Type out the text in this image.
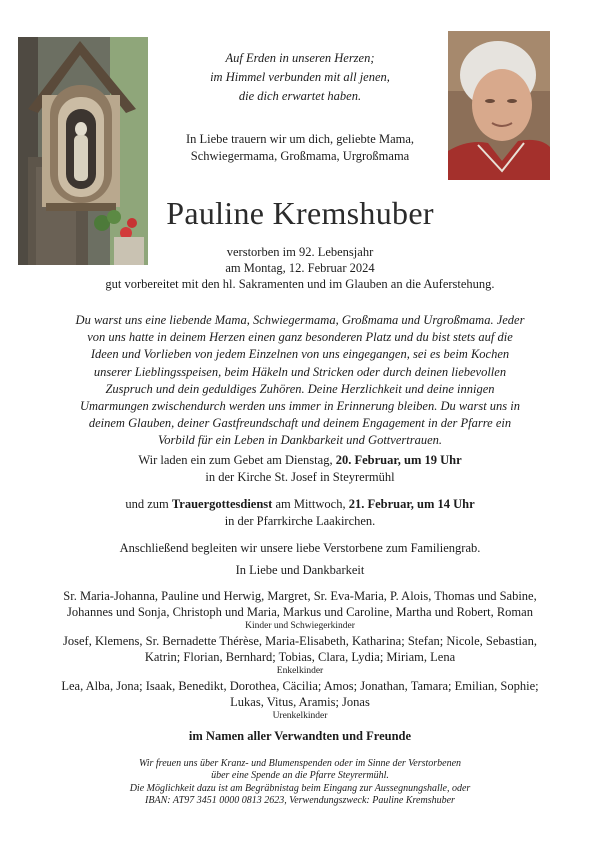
Auf Erden in unseren Herzen;

im Himmel verbunden mit all jenen,

die dich erwartet haben.

In Liebe trauern wir um dich, geliebte Mama,

Schwiegermama, Großmama, Urgroßmama

Pauline Kremshuber

verstorben im 92. Lebensjahr

am Montag, 12. Februar 2024

gut vorbereitet mit den hl. Sakramenten und im Glauben an die Auferstehung.

Du warst uns eine liebende Mama, Schwiegermama, Großmama und Urgroßmama. Jeder

von uns hatte in deinem Herzen einen ganz besonderen Platz und du bist stets auf die

Ideen und Vorlieben von jedem Einzelnen von uns eingegangen, sei es beim Kochen

unserer Lieblingsspeisen, beim Häkeln und Stricken oder durch deinen liebevollen

Zuspruch und dein geduldiges Zuhören. Deine Herzlichkeit und deine innigen

Umarmungen zwischendurch werden uns immer in Erinnerung bleiben. Du warst uns in

deinem Glauben, deiner Gastfreundschaft und deinem Engagement in der Pfarre ein

Vorbild für ein Leben in Dankbarkeit und Gottvertrauen.

Wir laden ein zum Gebet am Dienstag, 20. Februar, um 19 Uhr

in der Kirche St. Josef in Steyrermühl

und zum Trauergottesdienst am Mittwoch, 21. Februar, um 14 Uhr

in der Pfarrkirche Laakirchen.

Anschließend begleiten wir unsere liebe Verstorbene zum Familiengrab.

In Liebe und Dankbarkeit

Sr. Maria-Johanna, Pauline und Herwig, Margret, Sr. Eva-Maria, P. Alois, Thomas und Sabine,

Johannes und Sonja, Christoph und Maria, Markus und Caroline, Martha und Robert, Roman

Kinder und Schwiegerkinder

Josef, Klemens, Sr. Bernadette Thérèse, Maria-Elisabeth, Katharina; Stefan; Nicole, Sebastian,

Katrin; Florian, Bernhard; Tobias, Clara, Lydia; Miriam, Lena

Enkelkinder

Lea, Alba, Jona; Isaak, Benedikt, Dorothea, Cäcilia; Amos; Jonathan, Tamara; Emilian, Sophie;

Lukas, Vitus, Aramis; Jonas

Urenkelkinder

im Namen aller Verwandten und Freunde

Wir freuen uns über Kranz- und Blumenspenden oder im Sinne der Verstorbenen

über eine Spende an die Pfarre Steyrermühl.

Die Möglichkeit dazu ist am Begräbnistag beim Eingang zur Aussegnungshalle, oder

IBAN: AT97 3451 0000 0813 2623, Verwendungszweck: Pauline Kremshuber
